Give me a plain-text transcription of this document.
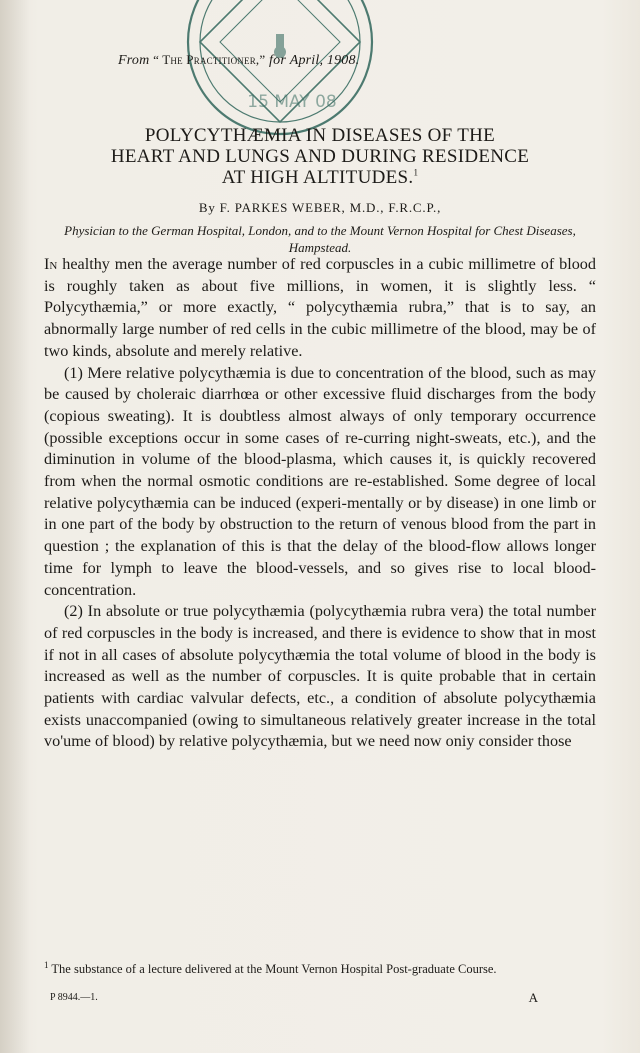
15 MAY 08
From “ The Practitioner,” for April, 1908.
POLYCYTHÆMIA IN DISEASES OF THE
HEART AND LUNGS AND DURING RESIDENCE
AT HIGH ALTITUDES.$^1$
By F. PARKES WEBER, M.D., F.R.C.P.,
Physician to the German Hospital, London, and to the Mount Vernon Hospital for Chest Diseases, Hampstead.

In healthy men the average number of red corpuscles in a cubic millimetre of blood is roughly taken as about five millions, in women, it is slightly less. “ Polycythæmia,” or more exactly, “ polycythæmia rubra,” that is to say, an abnormally large number of red cells in the cubic millimetre of the blood, may be of two kinds, absolute and merely relative.

(1) Mere relative polycythæmia is due to concentration of the blood, such as may be caused by choleraic diarrhœa or other excessive fluid discharges from the body (copious sweating). It is doubtless almost always of only temporary occurrence (possible exceptions occur in some cases of re-curring night-sweats, etc.), and the diminution in volume of the blood-plasma, which causes it, is quickly recovered from when the normal osmotic conditions are re-established. Some degree of local relative polycythæmia can be induced (experi-mentally or by disease) in one limb or in one part of the body by obstruction to the return of venous blood from the part in question ; the explanation of this is that the delay of the blood-flow allows longer time for lymph to leave the blood-vessels, and so gives rise to local blood-concentration.

(2) In absolute or true polycythæmia (polycythæmia rubra vera) the total number of red corpuscles in the body is increased, and there is evidence to show that in most if not in all cases of absolute polycythæmia the total volume of blood in the body is increased as well as the number of corpuscles. It is quite probable that in certain patients with cardiac valvular defects, etc., a condition of absolute polycythæmia exists unaccompanied (owing to simultaneous relatively greater increase in the total vo'ume of blood) by relative polycythæmia, but we need now oniy consider those

$^1$ The substance of a lecture delivered at the Mount Vernon Hospital Post-graduate Course.
P 8944.—1.	A
